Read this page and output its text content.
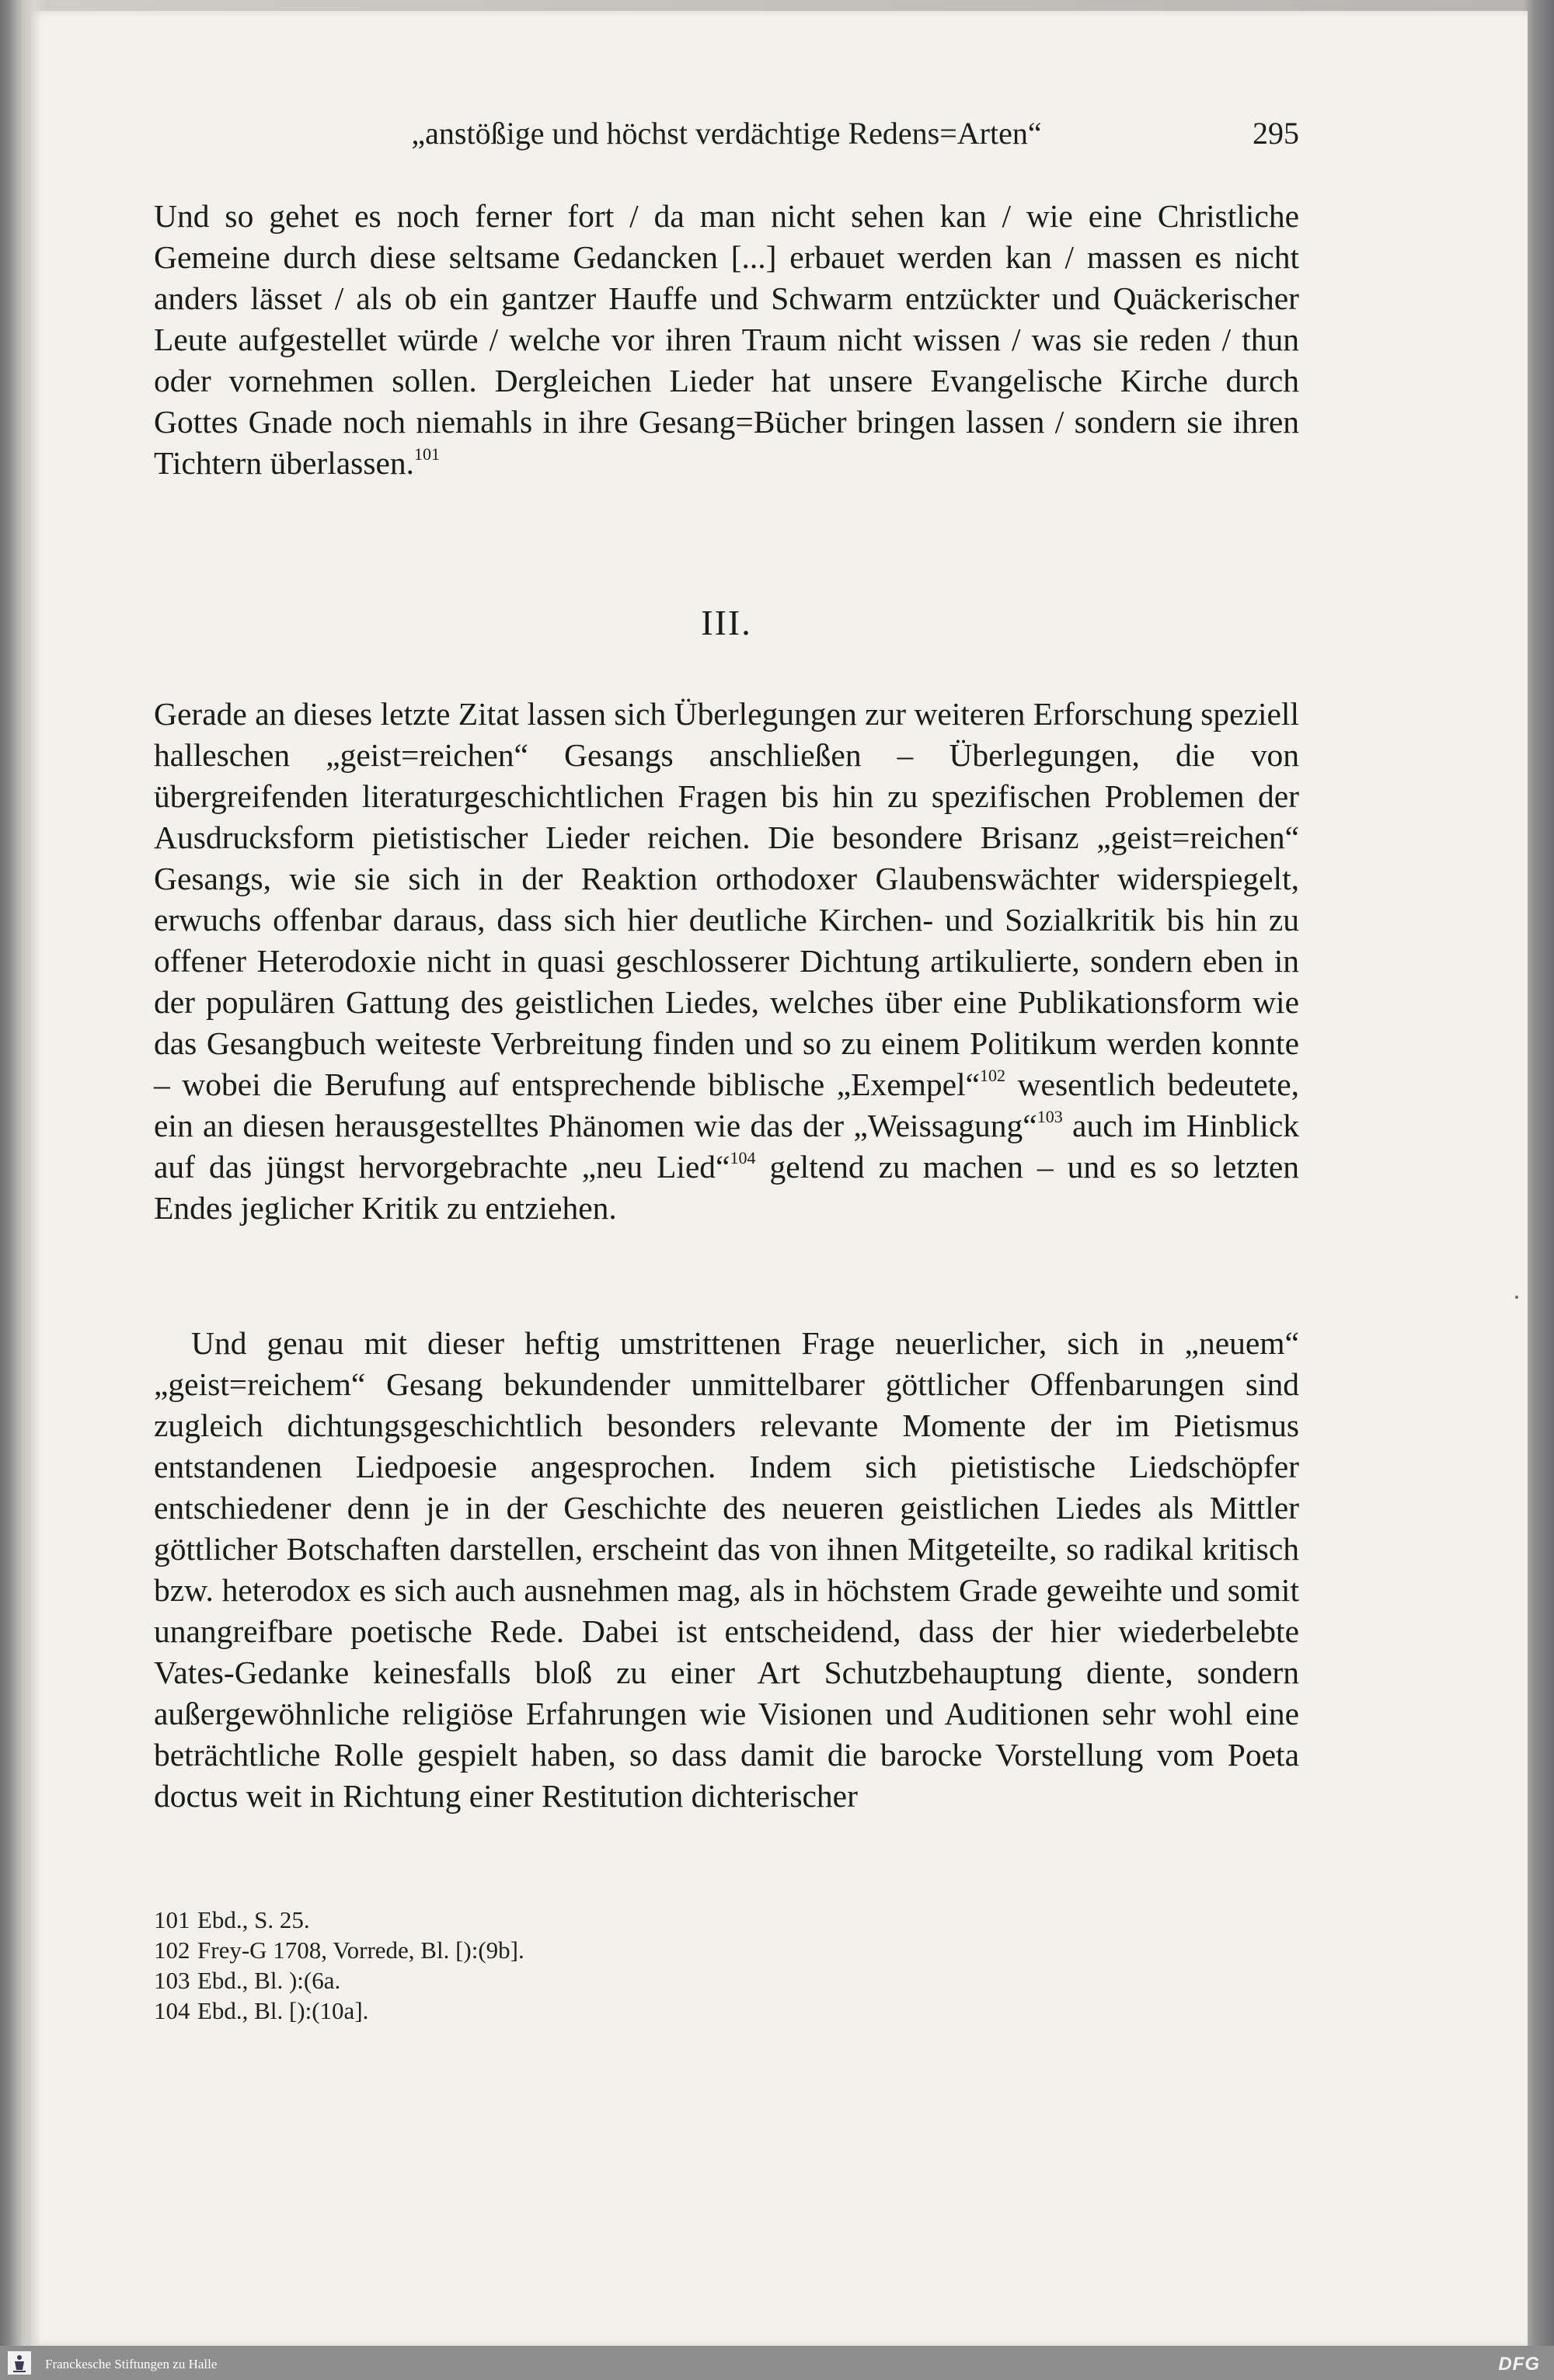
„anstößige und höchst verdächtige Redens=Arten“	295
Und so gehet es noch ferner fort / da man nicht sehen kan / wie eine Christliche Gemeine durch diese seltsame Gedancken [...] erbauet werden kan / massen es nicht anders lässet / als ob ein gantzer Hauffe und Schwarm entzückter und Quäckerischer Leute aufgestellet würde / welche vor ihren Traum nicht wissen / was sie reden / thun oder vornehmen sollen. Dergleichen Lieder hat unsere Evangelische Kirche durch Gottes Gnade noch niemahls in ihre Gesang=Bücher bringen lassen / sondern sie ihren Tichtern überlassen.$^{101}$
III.
Gerade an dieses letzte Zitat lassen sich Überlegungen zur weiteren Erforschung speziell halleschen „geist=reichen“ Gesangs anschließen – Überlegungen, die von übergreifenden literaturgeschichtlichen Fragen bis hin zu spezifischen Problemen der Ausdrucksform pietistischer Lieder reichen. Die besondere Brisanz „geist=reichen“ Gesangs, wie sie sich in der Reaktion orthodoxer Glaubenswächter widerspiegelt, erwuchs offenbar daraus, dass sich hier deutliche Kirchen- und Sozialkritik bis hin zu offener Heterodoxie nicht in quasi geschlosserer Dichtung artikulierte, sondern eben in der populären Gattung des geistlichen Liedes, welches über eine Publikationsform wie das Gesangbuch weiteste Verbreitung finden und so zu einem Politikum werden konnte – wobei die Berufung auf entsprechende biblische „Exempel“$^{102}$ wesentlich bedeutete, ein an diesen herausgestelltes Phänomen wie das der „Weissagung“$^{103}$ auch im Hinblick auf das jüngst hervorgebrachte „neu Lied“$^{104}$ geltend zu machen – und es so letzten Endes jeglicher Kritik zu entziehen.
Und genau mit dieser heftig umstrittenen Frage neuerlicher, sich in „neuem“ „geist=reichem“ Gesang bekundender unmittelbarer göttlicher Offenbarungen sind zugleich dichtungsgeschichtlich besonders relevante Momente der im Pietismus entstandenen Liedpoesie angesprochen. Indem sich pietistische Liedschöpfer entschiedener denn je in der Geschichte des neueren geistlichen Liedes als Mittler göttlicher Botschaften darstellen, erscheint das von ihnen Mitgeteilte, so radikal kritisch bzw. heterodox es sich auch ausnehmen mag, als in höchstem Grade geweihte und somit unangreifbare poetische Rede. Dabei ist entscheidend, dass der hier wiederbelebte Vates-Gedanke keinesfalls bloß zu einer Art Schutzbehauptung diente, sondern außergewöhnliche religiöse Erfahrungen wie Visionen und Auditionen sehr wohl eine beträchtliche Rolle gespielt haben, so dass damit die barocke Vorstellung vom Poeta doctus weit in Richtung einer Restitution dichterischer
101 Ebd., S. 25.
102 Frey-G 1708, Vorrede, Bl. [):(9b].
103 Ebd., Bl. ):(6a.
104 Ebd., Bl. [):(10a].
Franckesche Stiftungen zu Halle	DFG
